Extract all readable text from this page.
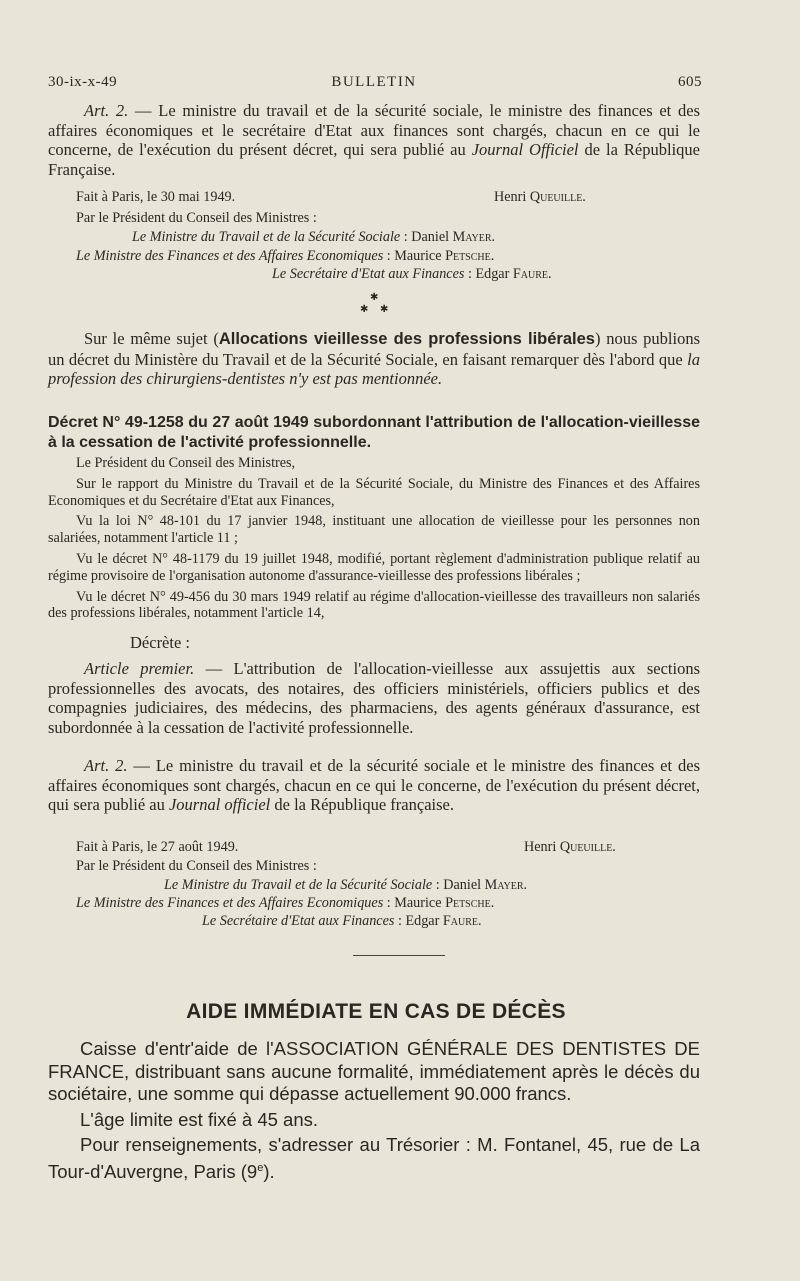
30-ix-x-49	BULLETIN	605

Art. 2. — Le ministre du travail et de la sécurité sociale, le ministre des finances et des affaires économiques et le secrétaire d'Etat aux finances sont chargés, chacun en ce qui le concerne, de l'exécution du présent décret, qui sera publié au Journal Officiel de la République Française.

Fait à Paris, le 30 mai 1949.	Henri Queuille.
Par le Président du Conseil des Ministres :
Le Ministre du Travail et de la Sécurité Sociale : Daniel Mayer.
Le Ministre des Finances et des Affaires Economiques : Maurice Petsche.
Le Secrétaire d'Etat aux Finances : Edgar Faure.
✱
✱ ✱

Sur le même sujet (Allocations vieillesse des professions libérales) nous publions un décret du Ministère du Travail et de la Sécurité Sociale, en faisant remarquer dès l'abord que la profession des chirurgiens-dentistes n'y est pas mentionnée.

Décret N° 49-1258 du 27 août 1949 subordonnant l'attribution de l'allocation-vieillesse à la cessation de l'activité professionnelle.

Le Président du Conseil des Ministres,

Sur le rapport du Ministre du Travail et de la Sécurité Sociale, du Ministre des Finances et des Affaires Economiques et du Secrétaire d'Etat aux Finances,

Vu la loi N° 48-101 du 17 janvier 1948, instituant une allocation de vieillesse pour les personnes non salariées, notamment l'article 11 ;

Vu le décret N° 48-1179 du 19 juillet 1948, modifié, portant règlement d'administration publique relatif au régime provisoire de l'organisation autonome d'assurance-vieillesse des professions libérales ;

Vu le décret N° 49-456 du 30 mars 1949 relatif au régime d'allocation-vieillesse des travailleurs non salariés des professions libérales, notamment l'article 14,

Décrète :

Article premier. — L'attribution de l'allocation-vieillesse aux assujettis aux sections professionnelles des avocats, des notaires, des officiers ministériels, officiers publics et des compagnies judiciaires, des médecins, des pharmaciens, des agents généraux d'assurance, est subordonnée à la cessation de l'activité professionnelle.

Art. 2. — Le ministre du travail et de la sécurité sociale et le ministre des finances et des affaires économiques sont chargés, chacun en ce qui le concerne, de l'exécution du présent décret, qui sera publié au Journal officiel de la République française.

Fait à Paris, le 27 août 1949.	Henri Queuille.
Par le Président du Conseil des Ministres :
Le Ministre du Travail et de la Sécurité Sociale : Daniel Mayer.
Le Ministre des Finances et des Affaires Economiques : Maurice Petsche.
Le Secrétaire d'Etat aux Finances : Edgar Faure.
AIDE IMMÉDIATE EN CAS DE DÉCÈS

Caisse d'entr'aide de l'ASSOCIATION GÉNÉRALE DES DENTISTES DE FRANCE, distribuant sans aucune formalité, immédiatement après le décès du sociétaire, une somme qui dépasse actuellement 90.000 francs.

L'âge limite est fixé à 45 ans.

Pour renseignements, s'adresser au Trésorier : M. Fontanel, 45, rue de La Tour-d'Auvergne, Paris (9e).
